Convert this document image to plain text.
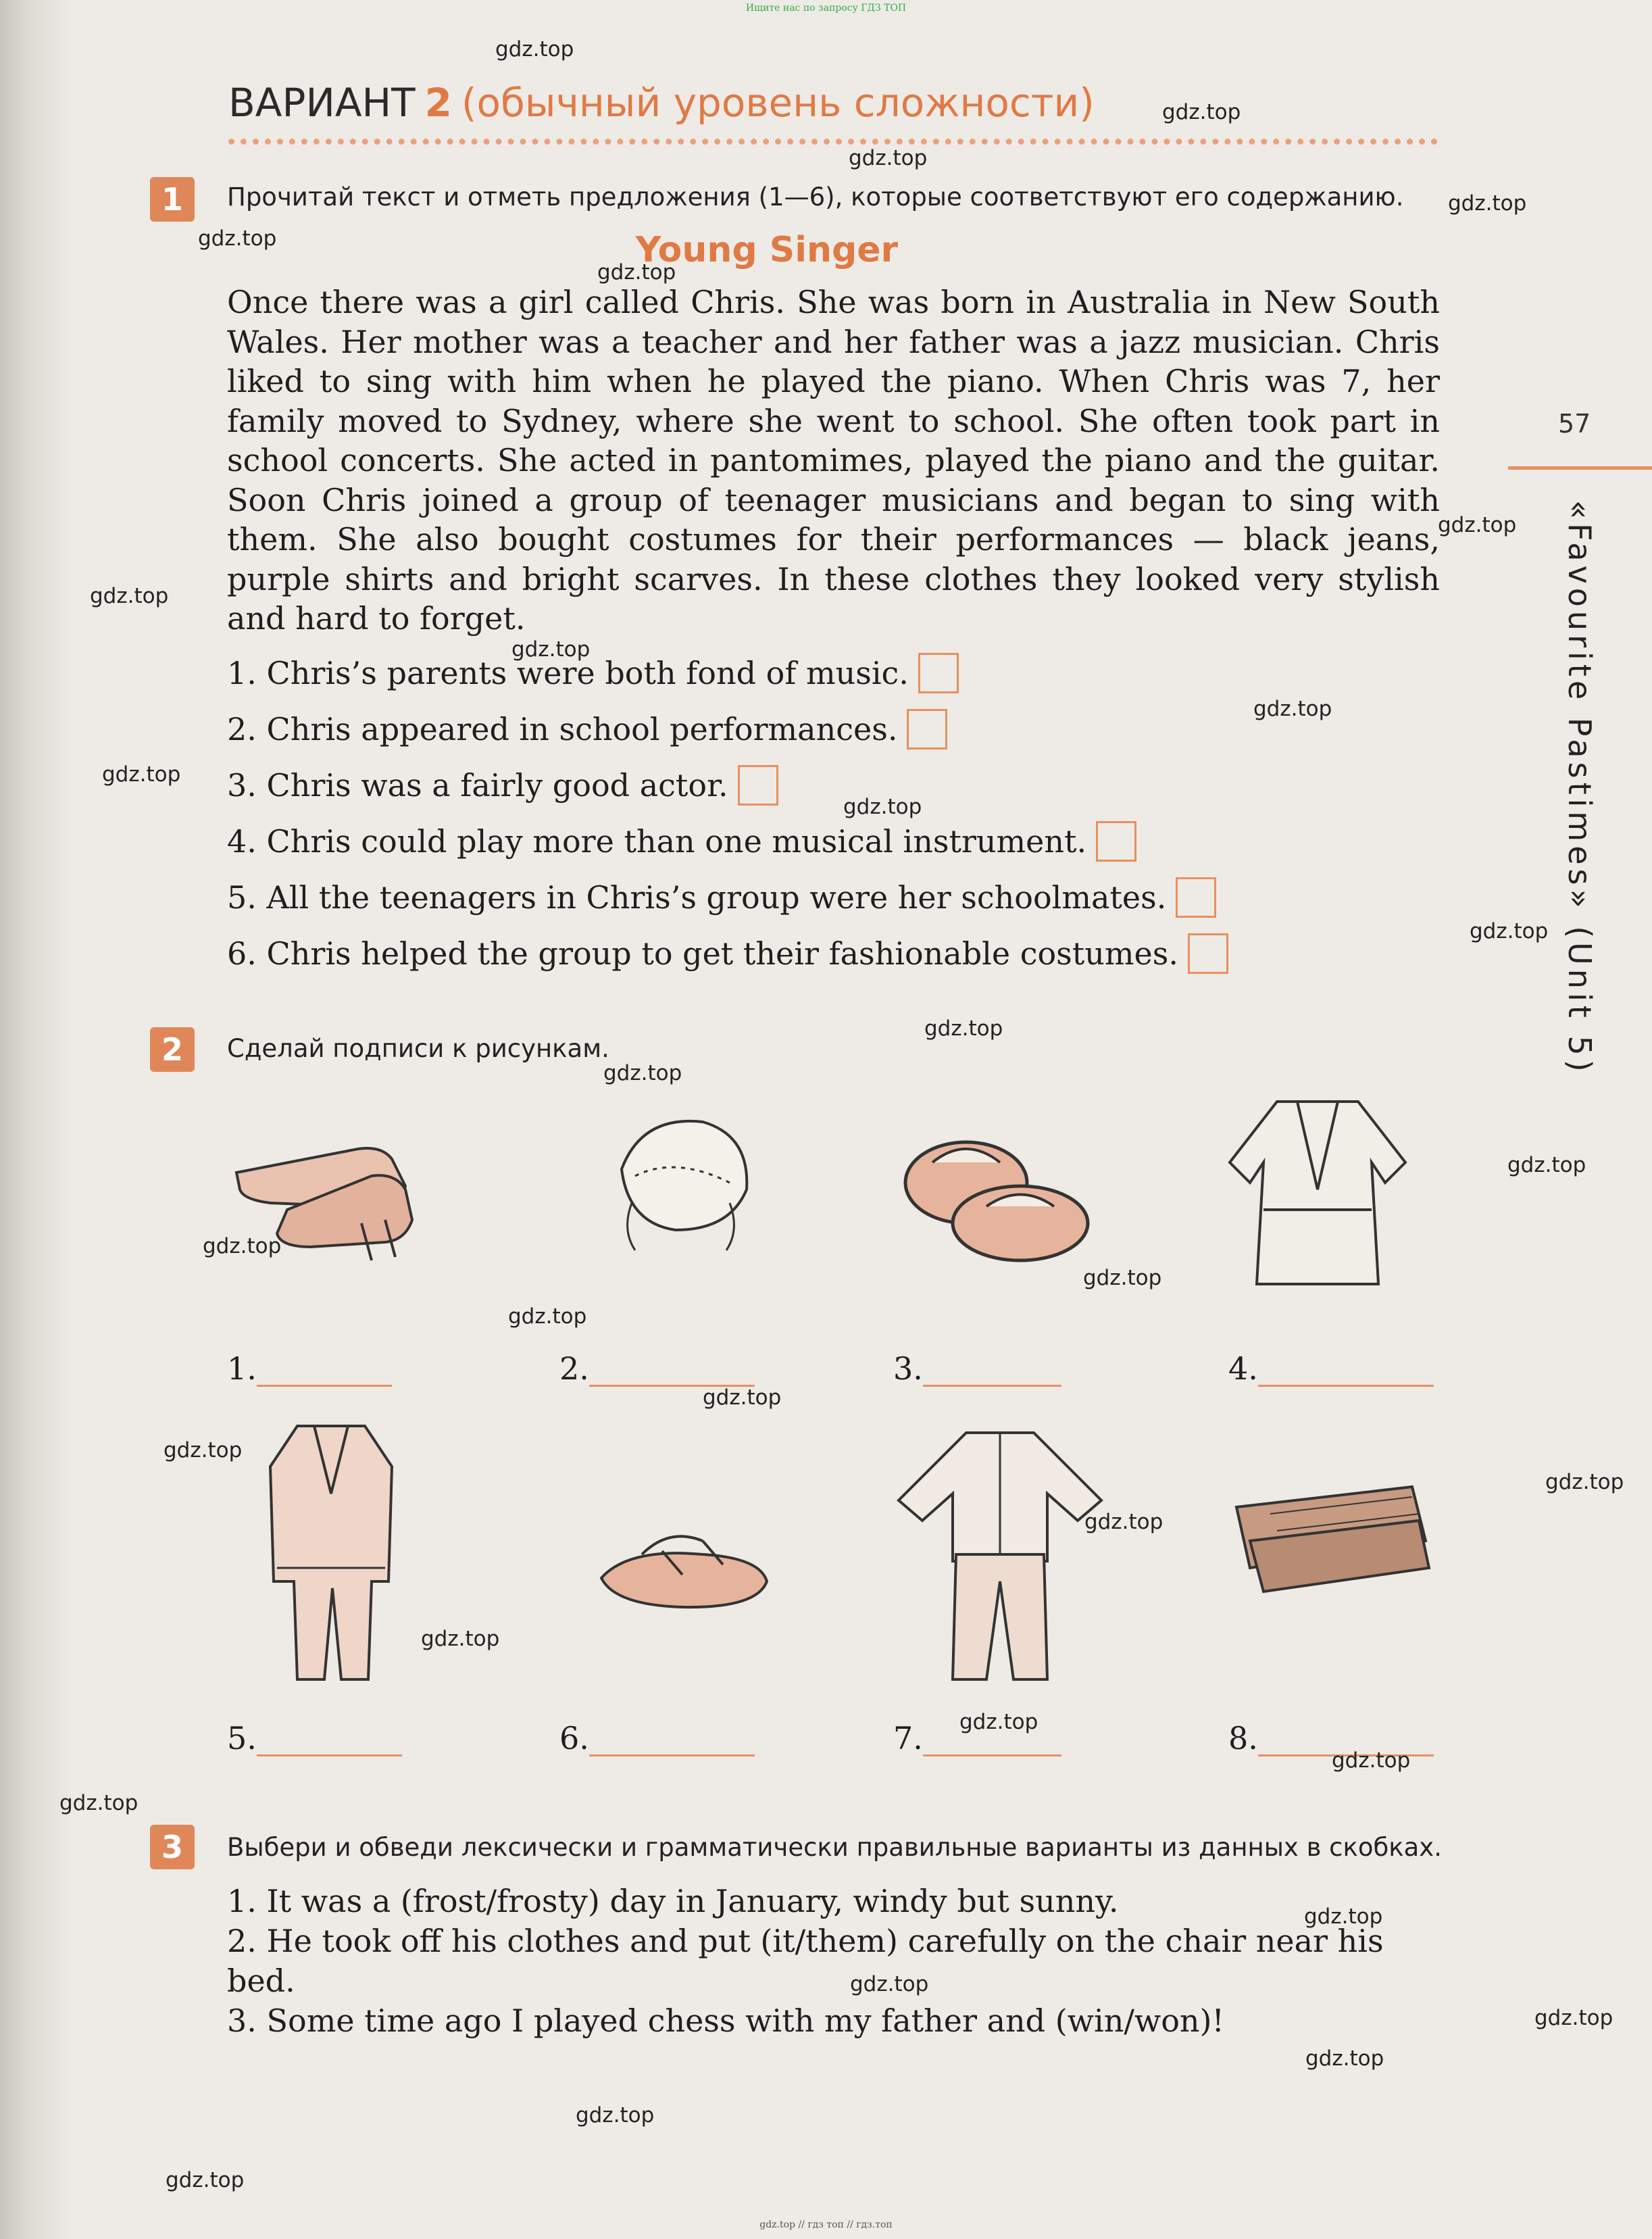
Ищите нас по запросу ГДЗ ТОП
ВАРИАНТ 2 (обычный уровень сложности)
1	Прочитай текст и отметь предложения (1—6), которые соответствуют его содержанию.
Young Singer
Once there was a girl called Chris. She was born in Australia in New South Wales. Her mother was a teacher and her father was a jazz musician. Chris liked to sing with him when he played the piano. When Chris was 7, her family moved to Sydney, where she went to school. She often took part in school concerts. She acted in pantomimes, played the piano and the guitar. Soon Chris joined a group of teenager musicians and began to sing with them. She also bought costumes for their performances — black jeans, purple shirts and bright scarves. In these clothes they looked very stylish and hard to forget.
1. Chris’s parents were both fond of music.
2. Chris appeared in school performances.
3. Chris was a fairly good actor.
4. Chris could play more than one musical instrument.
5. All the teenagers in Chris’s group were her schoolmates.
6. Chris helped the group to get their fashionable costumes.
2	Сделай подписи к рисункам.
1.	2.	3.	4.
5.	6.	7.	8.
3	Выбери и обведи лексически и грамматически правильные варианты из данных в скобках.
1. It was a (frost/frosty) day in January, windy but sunny.
2. He took off his clothes and put (it/them) carefully on the chair near his
bed.
3. Some time ago I played chess with my father and (win/won)!
57
«Favourite Pastimes» (Unit 5)
gdz.top
gdz.top
gdz.top
gdz.top
gdz.top
gdz.top
gdz.top
gdz.top
gdz.top
gdz.top
gdz.top
gdz.top
gdz.top
gdz.top
gdz.top
gdz.top
gdz.top
gdz.top
gdz.top
gdz.top
gdz.top
gdz.top
gdz.top
gdz.top
gdz.top
gdz.top
gdz.top
gdz.top
gdz.top
gdz.top
gdz.top
gdz.top
gdz.top
gdz.top // гдз топ // гдз.топ
